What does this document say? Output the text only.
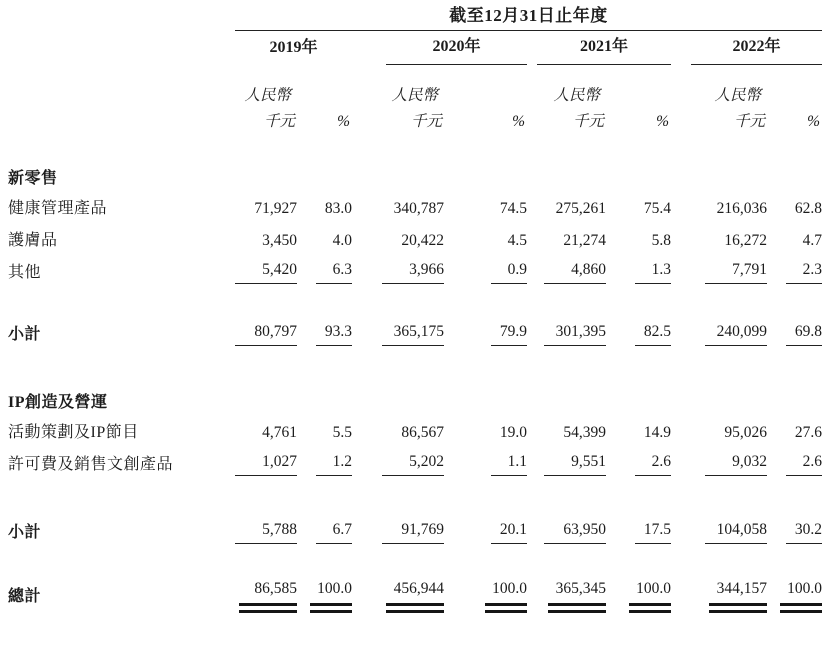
	截至12月31日止年度							

	2019年		2020年		2021年		2022年	

	人民幣		人民幣		人民幣		人民幣	
	千元	%	千元	%	千元	%	千元	%

新零售								
健康管理產品	71,927	83.0	340,787	74.5	275,261	75.4	216,036	62.8
護膚品	3,450	4.0	20,422	4.5	21,274	5.8	16,272	4.7
其他	5,420	6.3	3,966	0.9	4,860	1.3	7,791	2.3

小計	80,797	93.3	365,175	79.9	301,395	82.5	240,099	69.8

IP創造及營運								
活動策劃及IP節目	4,761	5.5	86,567	19.0	54,399	14.9	95,026	27.6
許可費及銷售文創產品	1,027	1.2	5,202	1.1	9,551	2.6	9,032	2.6

小計	5,788	6.7	91,769	20.1	63,950	17.5	104,058	30.2

總計	86,585	100.0	456,944	100.0	365,345	100.0	344,157	100.0
